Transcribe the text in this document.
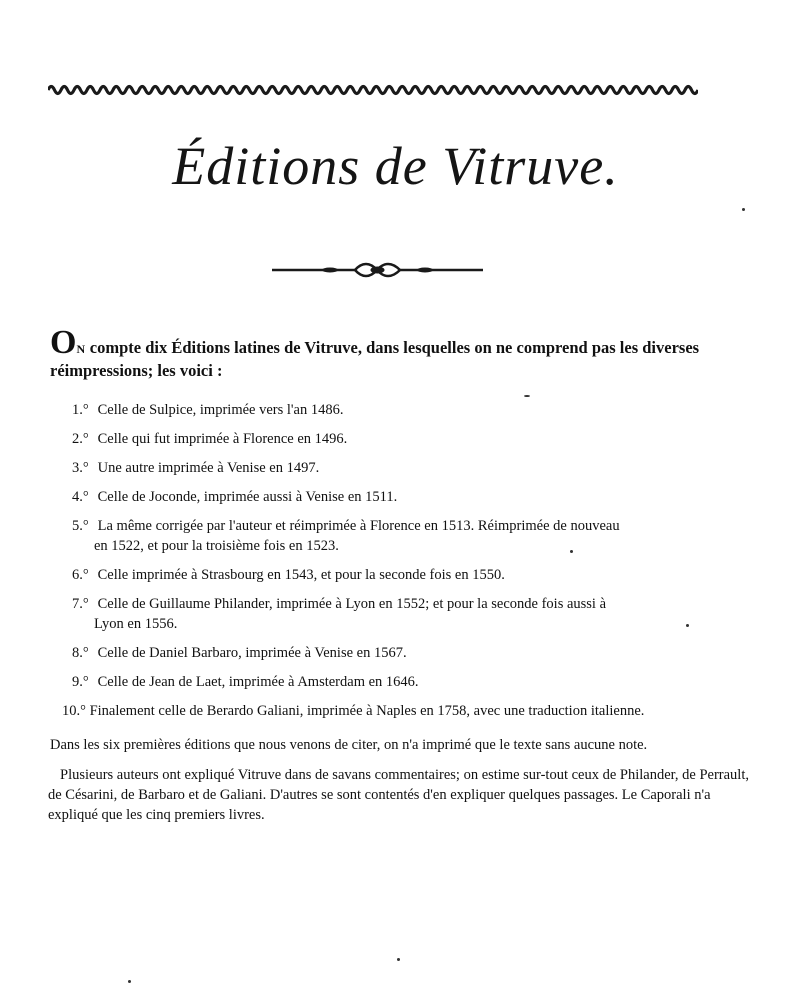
Éditions de Vitruve.
ON compte dix Éditions latines de Vitruve, dans lesquelles on ne comprend pas les diverses réimpressions; les voici :
1.° Celle de Sulpice, imprimée vers l'an 1486.
2.° Celle qui fut imprimée à Florence en 1496.
3.° Une autre imprimée à Venise en 1497.
4.° Celle de Joconde, imprimée aussi à Venise en 1511.
5.° La même corrigée par l'auteur et réimprimée à Florence en 1513. Réimprimée de nouveau
en 1522, et pour la troisième fois en 1523.
6.° Celle imprimée à Strasbourg en 1543, et pour la seconde fois en 1550.
7.° Celle de Guillaume Philander, imprimée à Lyon en 1552; et pour la seconde fois aussi à
Lyon en 1556.
8.° Celle de Daniel Barbaro, imprimée à Venise en 1567.
9.° Celle de Jean de Laet, imprimée à Amsterdam en 1646.
10.° Finalement celle de Berardo Galiani, imprimée à Naples en 1758, avec une traduction italienne.
Dans les six premières éditions que nous venons de citer, on n'a imprimé que le texte sans aucune note.
Plusieurs auteurs ont expliqué Vitruve dans de savans commentaires; on estime sur-tout ceux de Philander, de Perrault, de Césarini, de Barbaro et de Galiani. D'autres se sont contentés d'en expliquer quelques passages. Le Caporali n'a expliqué que les cinq premiers livres.
